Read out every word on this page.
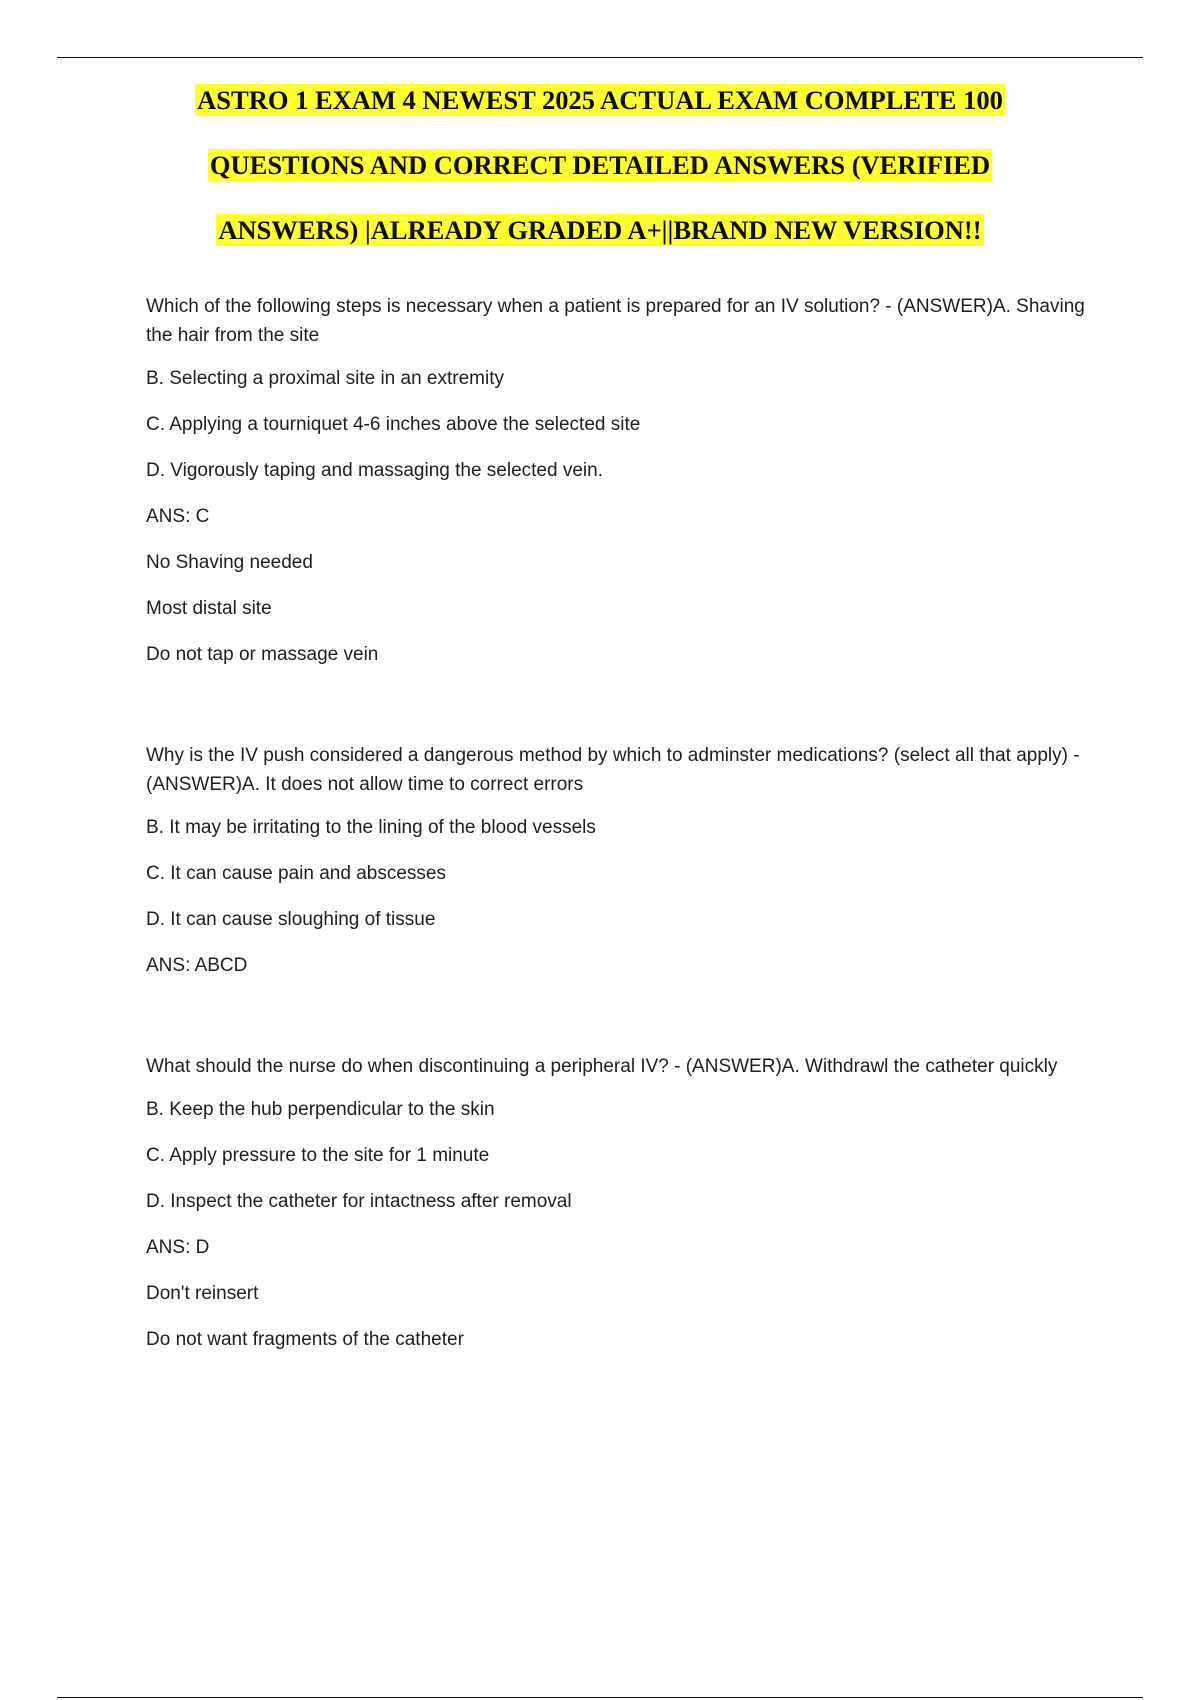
ASTRO 1 EXAM 4 NEWEST 2025 ACTUAL EXAM COMPLETE 100
QUESTIONS AND CORRECT DETAILED ANSWERS (VERIFIED
ANSWERS) |ALREADY GRADED A+||BRAND NEW VERSION!!

Which of the following steps is necessary when a patient is prepared for an IV solution? - (ANSWER)A. Shaving the hair from the site

B. Selecting a proximal site in an extremity

C. Applying a tourniquet 4-6 inches above the selected site

D. Vigorously taping and massaging the selected vein.

ANS: C

No Shaving needed

Most distal site

Do not tap or massage vein

Why is the IV push considered a dangerous method by which to adminster medications? (select all that apply) - (ANSWER)A. It does not allow time to correct errors

B. It may be irritating to the lining of the blood vessels

C. It can cause pain and abscesses

D. It can cause sloughing of tissue

ANS: ABCD

What should the nurse do when discontinuing a peripheral IV? - (ANSWER)A. Withdrawl the catheter quickly

B. Keep the hub perpendicular to the skin

C. Apply pressure to the site for 1 minute

D. Inspect the catheter for intactness after removal

ANS: D

Don't reinsert

Do not want fragments of the catheter
